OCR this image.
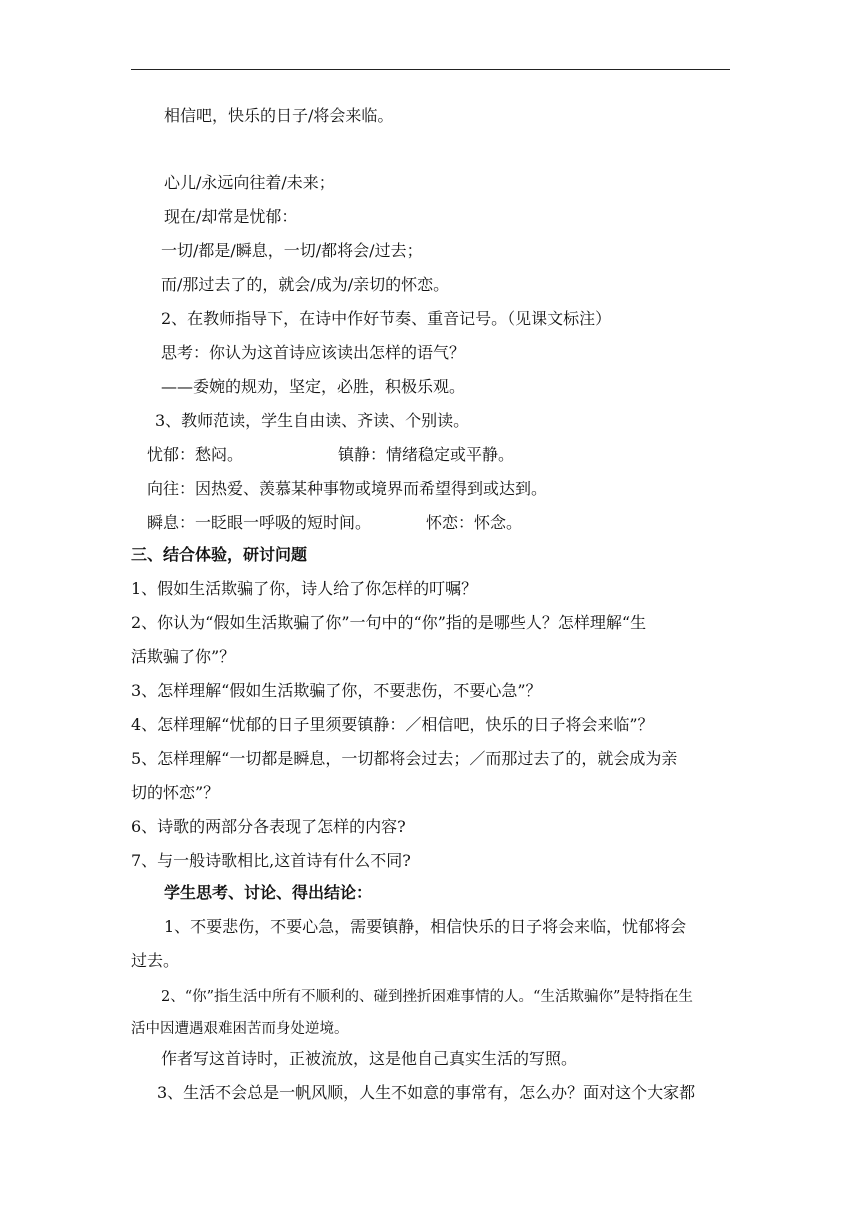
相信吧，快乐的日子/将会来临。
心儿/永远向往着/未来；
现在/却常是忧郁：
一切/都是/瞬息，一切/都将会/过去；
而/那过去了的，就会/成为/亲切的怀恋。
2、在教师指导下，在诗中作好节奏、重音记号。（见课文标注）
思考：你认为这首诗应该读出怎样的语气？
——委婉的规劝，坚定，必胜，积极乐观。
3、教师范读，学生自由读、齐读、个别读。
忧郁：愁闷。	镇静：情绪稳定或平静。
向往：因热爱、羡慕某种事物或境界而希望得到或达到。
瞬息：一眨眼一呼吸的短时间。	怀恋：怀念。
三、结合体验，研讨问题
1、假如生活欺骗了你，诗人给了你怎样的叮嘱？
2、你认为“假如生活欺骗了你”一句中的“你”指的是哪些人？怎样理解“生
活欺骗了你”？
3、怎样理解“假如生活欺骗了你，不要悲伤，不要心急”？
4、怎样理解“忧郁的日子里须要镇静：／相信吧，快乐的日子将会来临”？
5、怎样理解“一切都是瞬息，一切都将会过去；／而那过去了的，就会成为亲
切的怀恋”？
6、诗歌的两部分各表现了怎样的内容?
7、与一般诗歌相比,这首诗有什么不同?
学生思考、讨论、得出结论：
1、不要悲伤，不要心急，需要镇静，相信快乐的日子将会来临，忧郁将会
过去。
2、“你”指生活中所有不顺利的、碰到挫折困难事情的人。“生活欺骗你”是特指在生
活中因遭遇艰难困苦而身处逆境。
作者写这首诗时，正被流放，这是他自己真实生活的写照。
3、生活不会总是一帆风顺，人生不如意的事常有，怎么办？面对这个大家都
